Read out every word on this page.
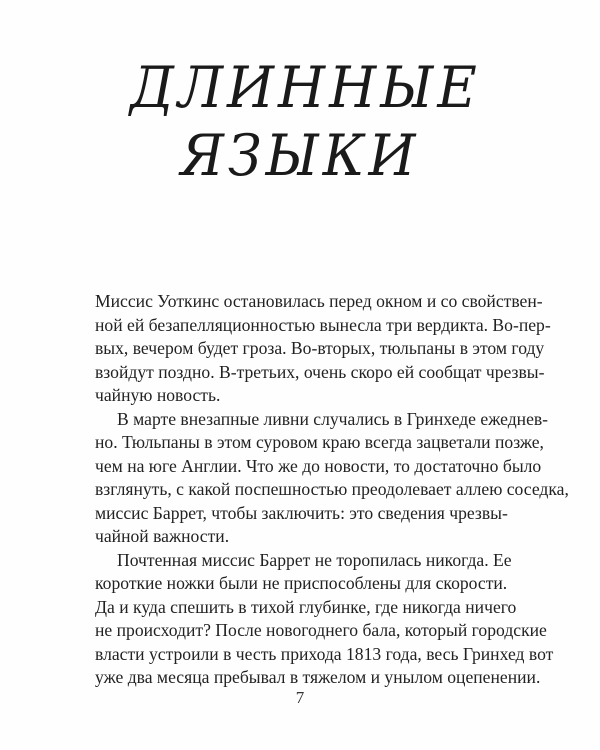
ДЛИННЫЕ
ЯЗЫКИ

Миссис Уоткинс остановилась перед окном и со свойствен-
ной ей безапелляционностью вынесла три вердикта. Во-пер-
вых, вечером будет гроза. Во-вторых, тюльпаны в этом году
взойдут поздно. В-третьих, очень скоро ей сообщат чрезвы-
чайную новость.

В марте внезапные ливни случались в Гринхеде ежеднев-
но. Тюльпаны в этом суровом краю всегда зацветали позже,
чем на юге Англии. Что же до новости, то достаточно было
взглянуть, с какой поспешностью преодолевает аллею соседка,
миссис Баррет, чтобы заключить: это сведения чрезвы-
чайной важности.

Почтенная миссис Баррет не торопилась никогда. Ее
короткие ножки были не приспособлены для скорости.
Да и куда спешить в тихой глубинке, где никогда ничего
не происходит? После новогоднего бала, который городские
власти устроили в честь прихода 1813 года, весь Гринхед вот
уже два месяца пребывал в тяжелом и унылом оцепенении.

7
